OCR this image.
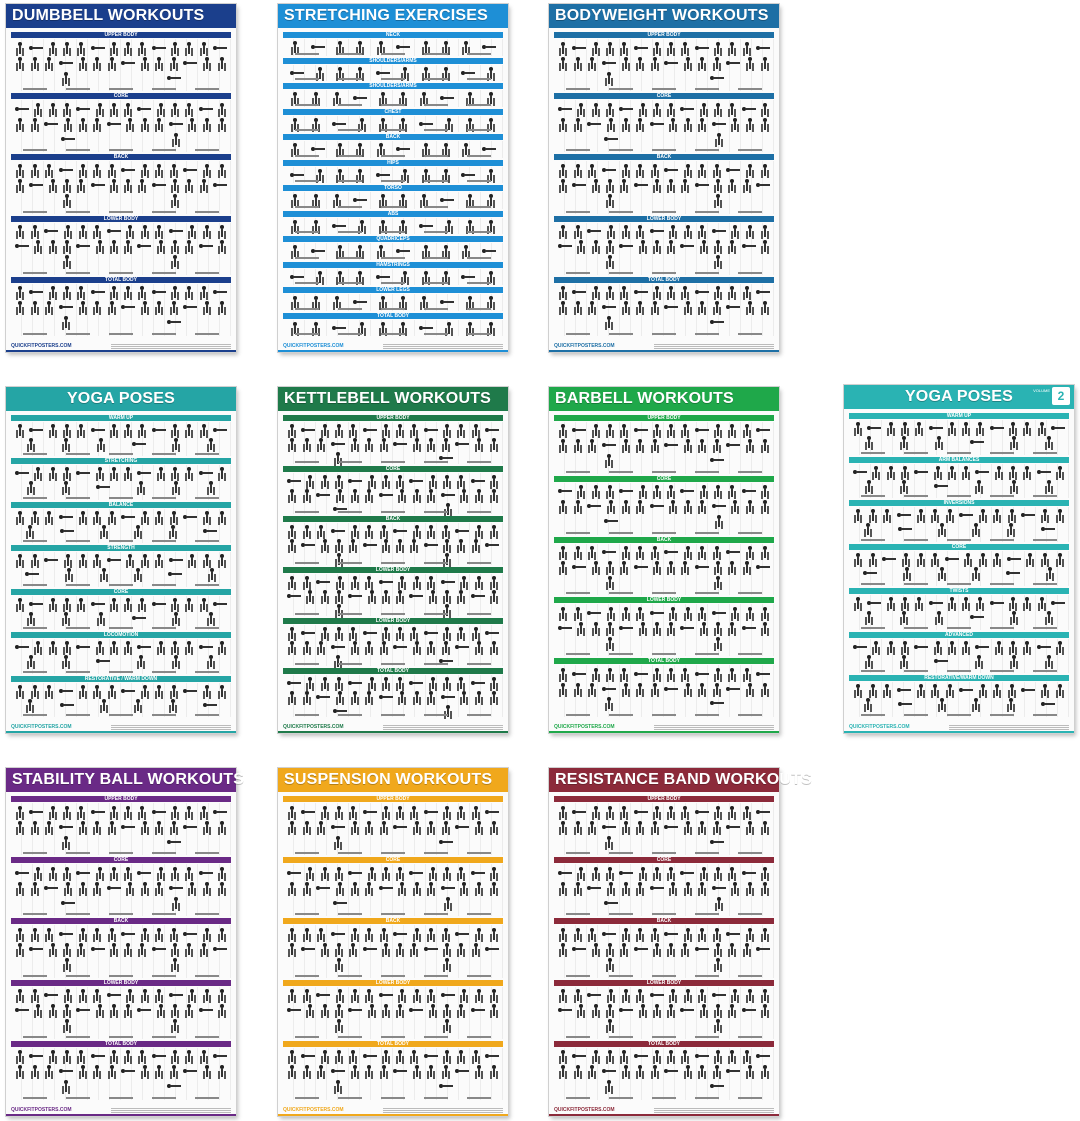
DUMBBELL WORKOUTS
UPPER BODY
CORE
BACK
LOWER BODY
TOTAL BODY
QUICKFITPOSTERS.COM
STRETCHING EXERCISES
NECK
SHOULDERS/ARMS
SHOULDERS/ARMS
CHEST
BACK
HIPS
TORSO
ABS
QUADRICEPS
HAMSTRINGS
LOWER LEGS
TOTAL BODY
QUICKFITPOSTERS.COM
BODYWEIGHT WORKOUTS
UPPER BODY
CORE
BACK
LOWER BODY
TOTAL BODY
QUICKFITPOSTERS.COM
YOGA POSES
WARM UP
STRETCHING
BALANCE
STRENGTH
CORE
LOCOMOTION
RESTORATIVE / WARM DOWN
QUICKFITPOSTERS.COM
KETTLEBELL WORKOUTS
UPPER BODY
CORE
BACK
LOWER BODY
LOWER BODY
TOTAL BODY
QUICKFITPOSTERS.COM
BARBELL WORKOUTS
UPPER BODY
CORE
BACK
LOWER BODY
TOTAL BODY
QUICKFITPOSTERS.COM
YOGA POSES	VOLUME 2
WARM UP
ARM BALANCES
INVERSIONS
CORE
TWISTS
ADVANCED
RESTORATIVE/WARM DOWN
QUICKFITPOSTERS.COM
STABILITY BALL WORKOUTS
UPPER BODY
CORE
BACK
LOWER BODY
TOTAL BODY
QUICKFITPOSTERS.COM
SUSPENSION WORKOUTS
UPPER BODY
CORE
BACK
LOWER BODY
TOTAL BODY
QUICKFITPOSTERS.COM
RESISTANCE BAND WORKOUTS
UPPER BODY
CORE
BACK
LOWER BODY
TOTAL BODY
QUICKFITPOSTERS.COM
